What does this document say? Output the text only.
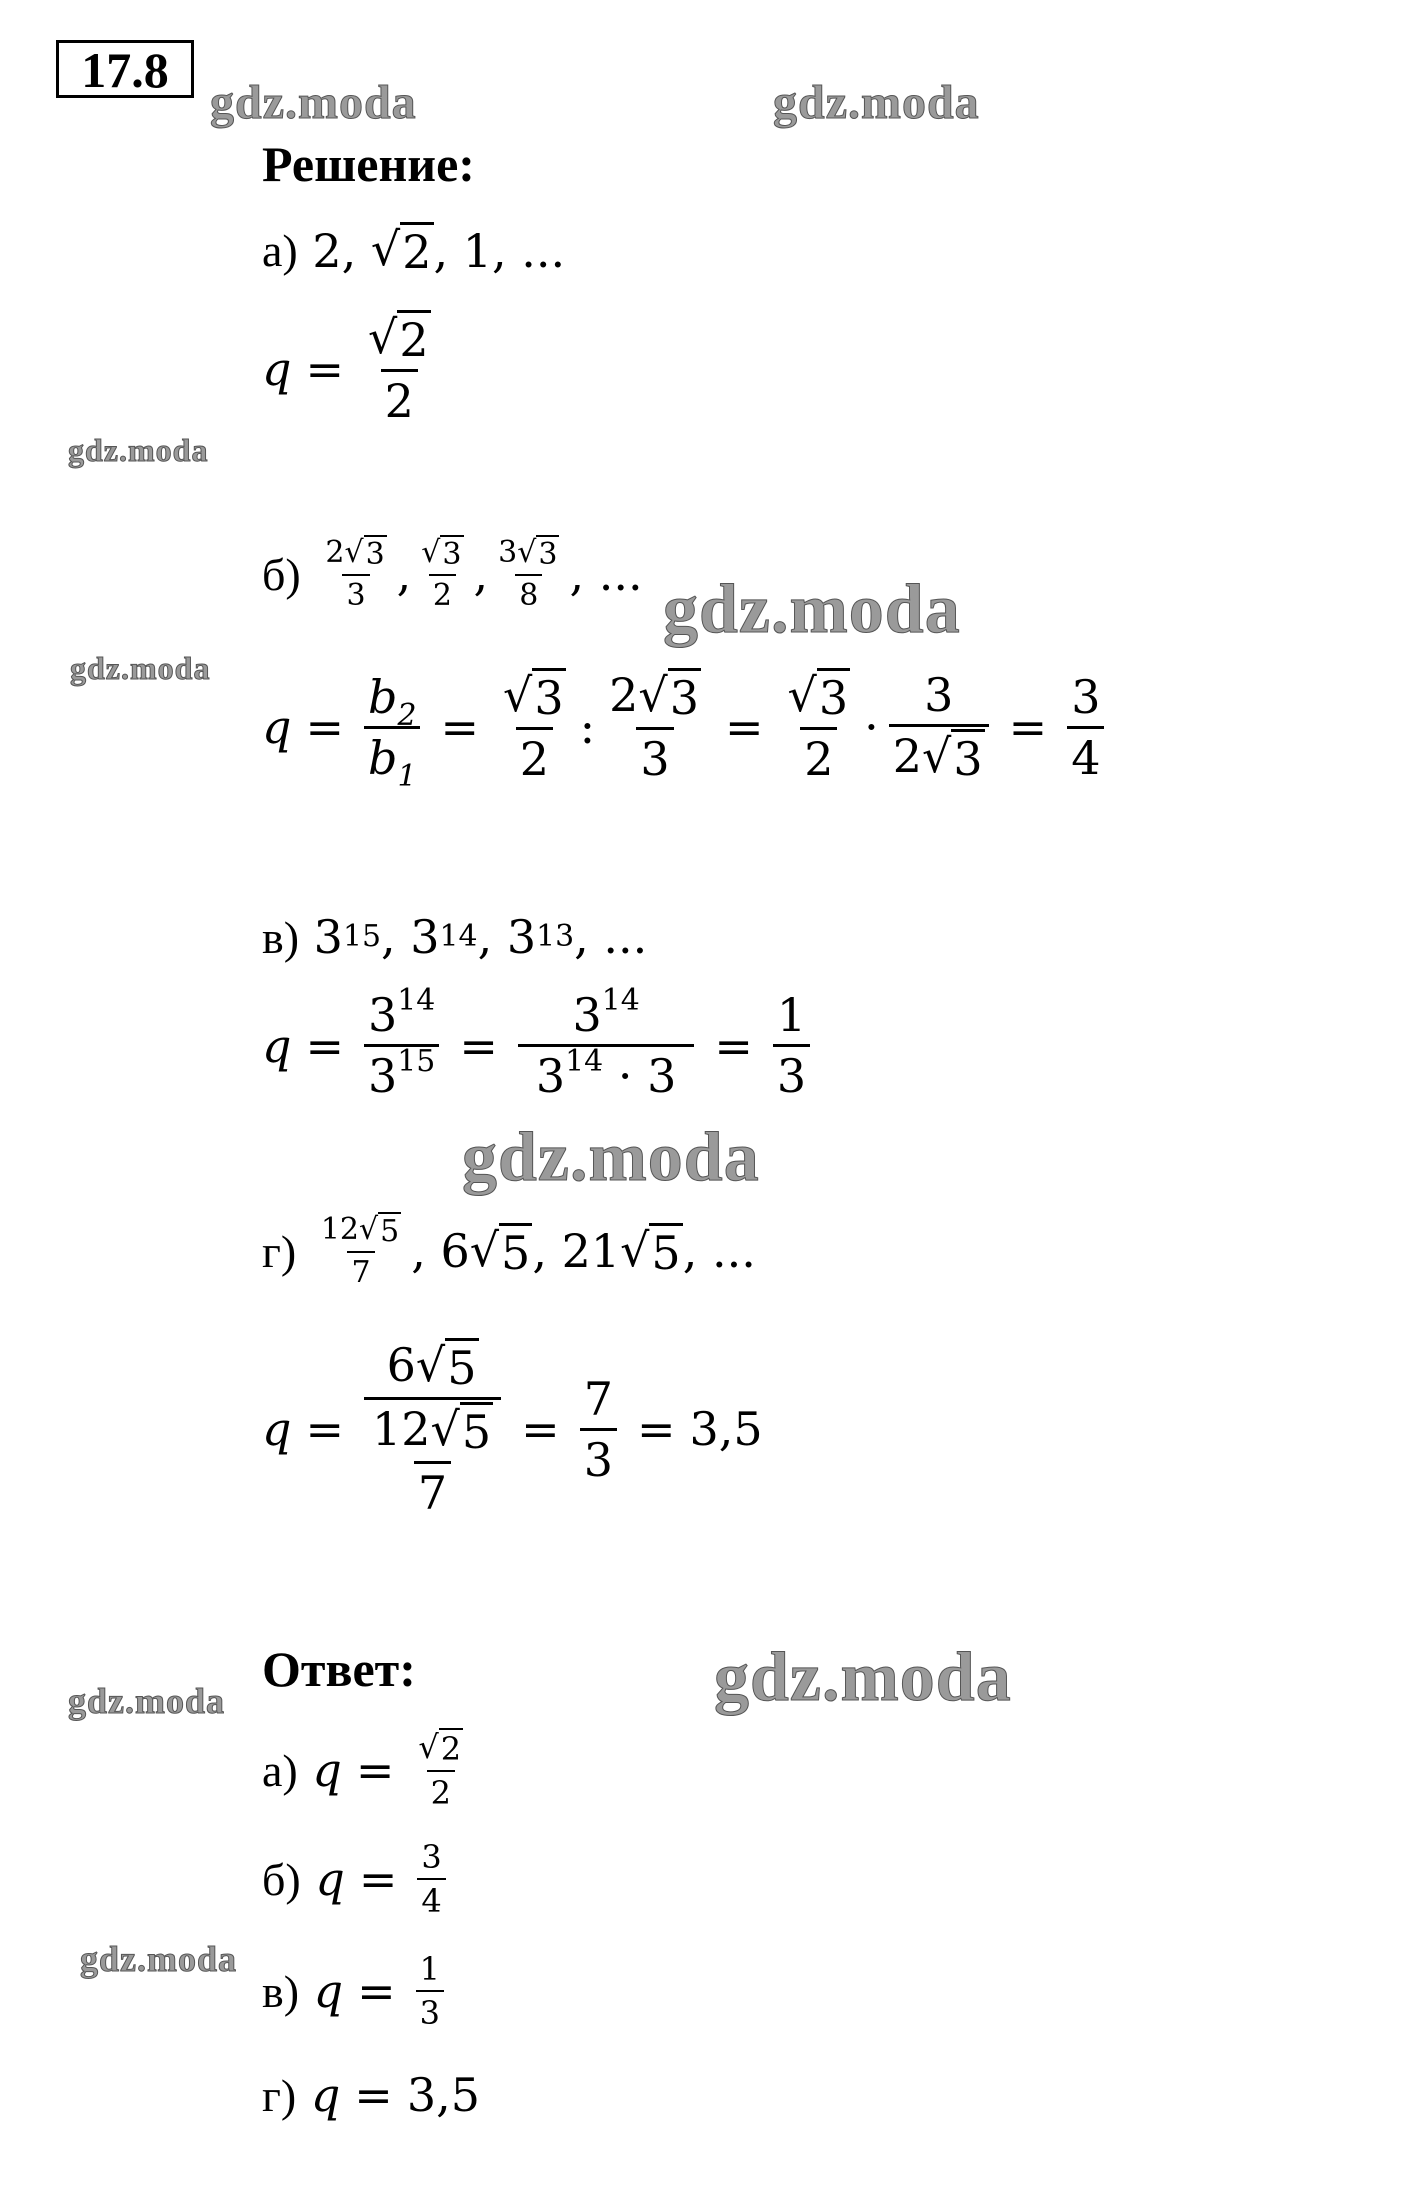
17.8
gdz.moda	gdz.moda
gdz.moda
gdz.moda
gdz.moda
gdz.moda
gdz.moda
gdz.moda
gdz.moda
Решение:
а)
2 , √ 2 , 1 , ...
$q = \frac{√ 2}{2}$
б)
$\frac{2 √ 3}{3}$ , $\frac{√ 3}{2}$ , $\frac{3 √ 3}{8}$ , ...
$q = \frac{b_2}{b_1} = \frac{√ 3}{2}$ : $\frac{2 √ 3}{3} = \frac{√ 3}{2} \cdot \frac{3}{2 √ 3} = \frac{3}{4}$
в)
3 15 , 3 14 , 3 13 , ...
$q = \frac{3^{14}}{3^{15}} = \frac{3^{14}}{3^{14} \cdot 3} = \frac{1}{3}$
г)
$\frac{12 √ 5}{7}$ , 6 √ 5 , 21 √ 5 , ...
$q = \frac{6 √ 5}{\frac{12 √ 5}{7}} = \frac{7}{3} = 3,5$
Ответ:
а)
$q = \frac{√ 2}{2}$
б)
$q = \frac{3}{4}$
в)
$q = \frac{1}{3}$
г)
q = 3,5
